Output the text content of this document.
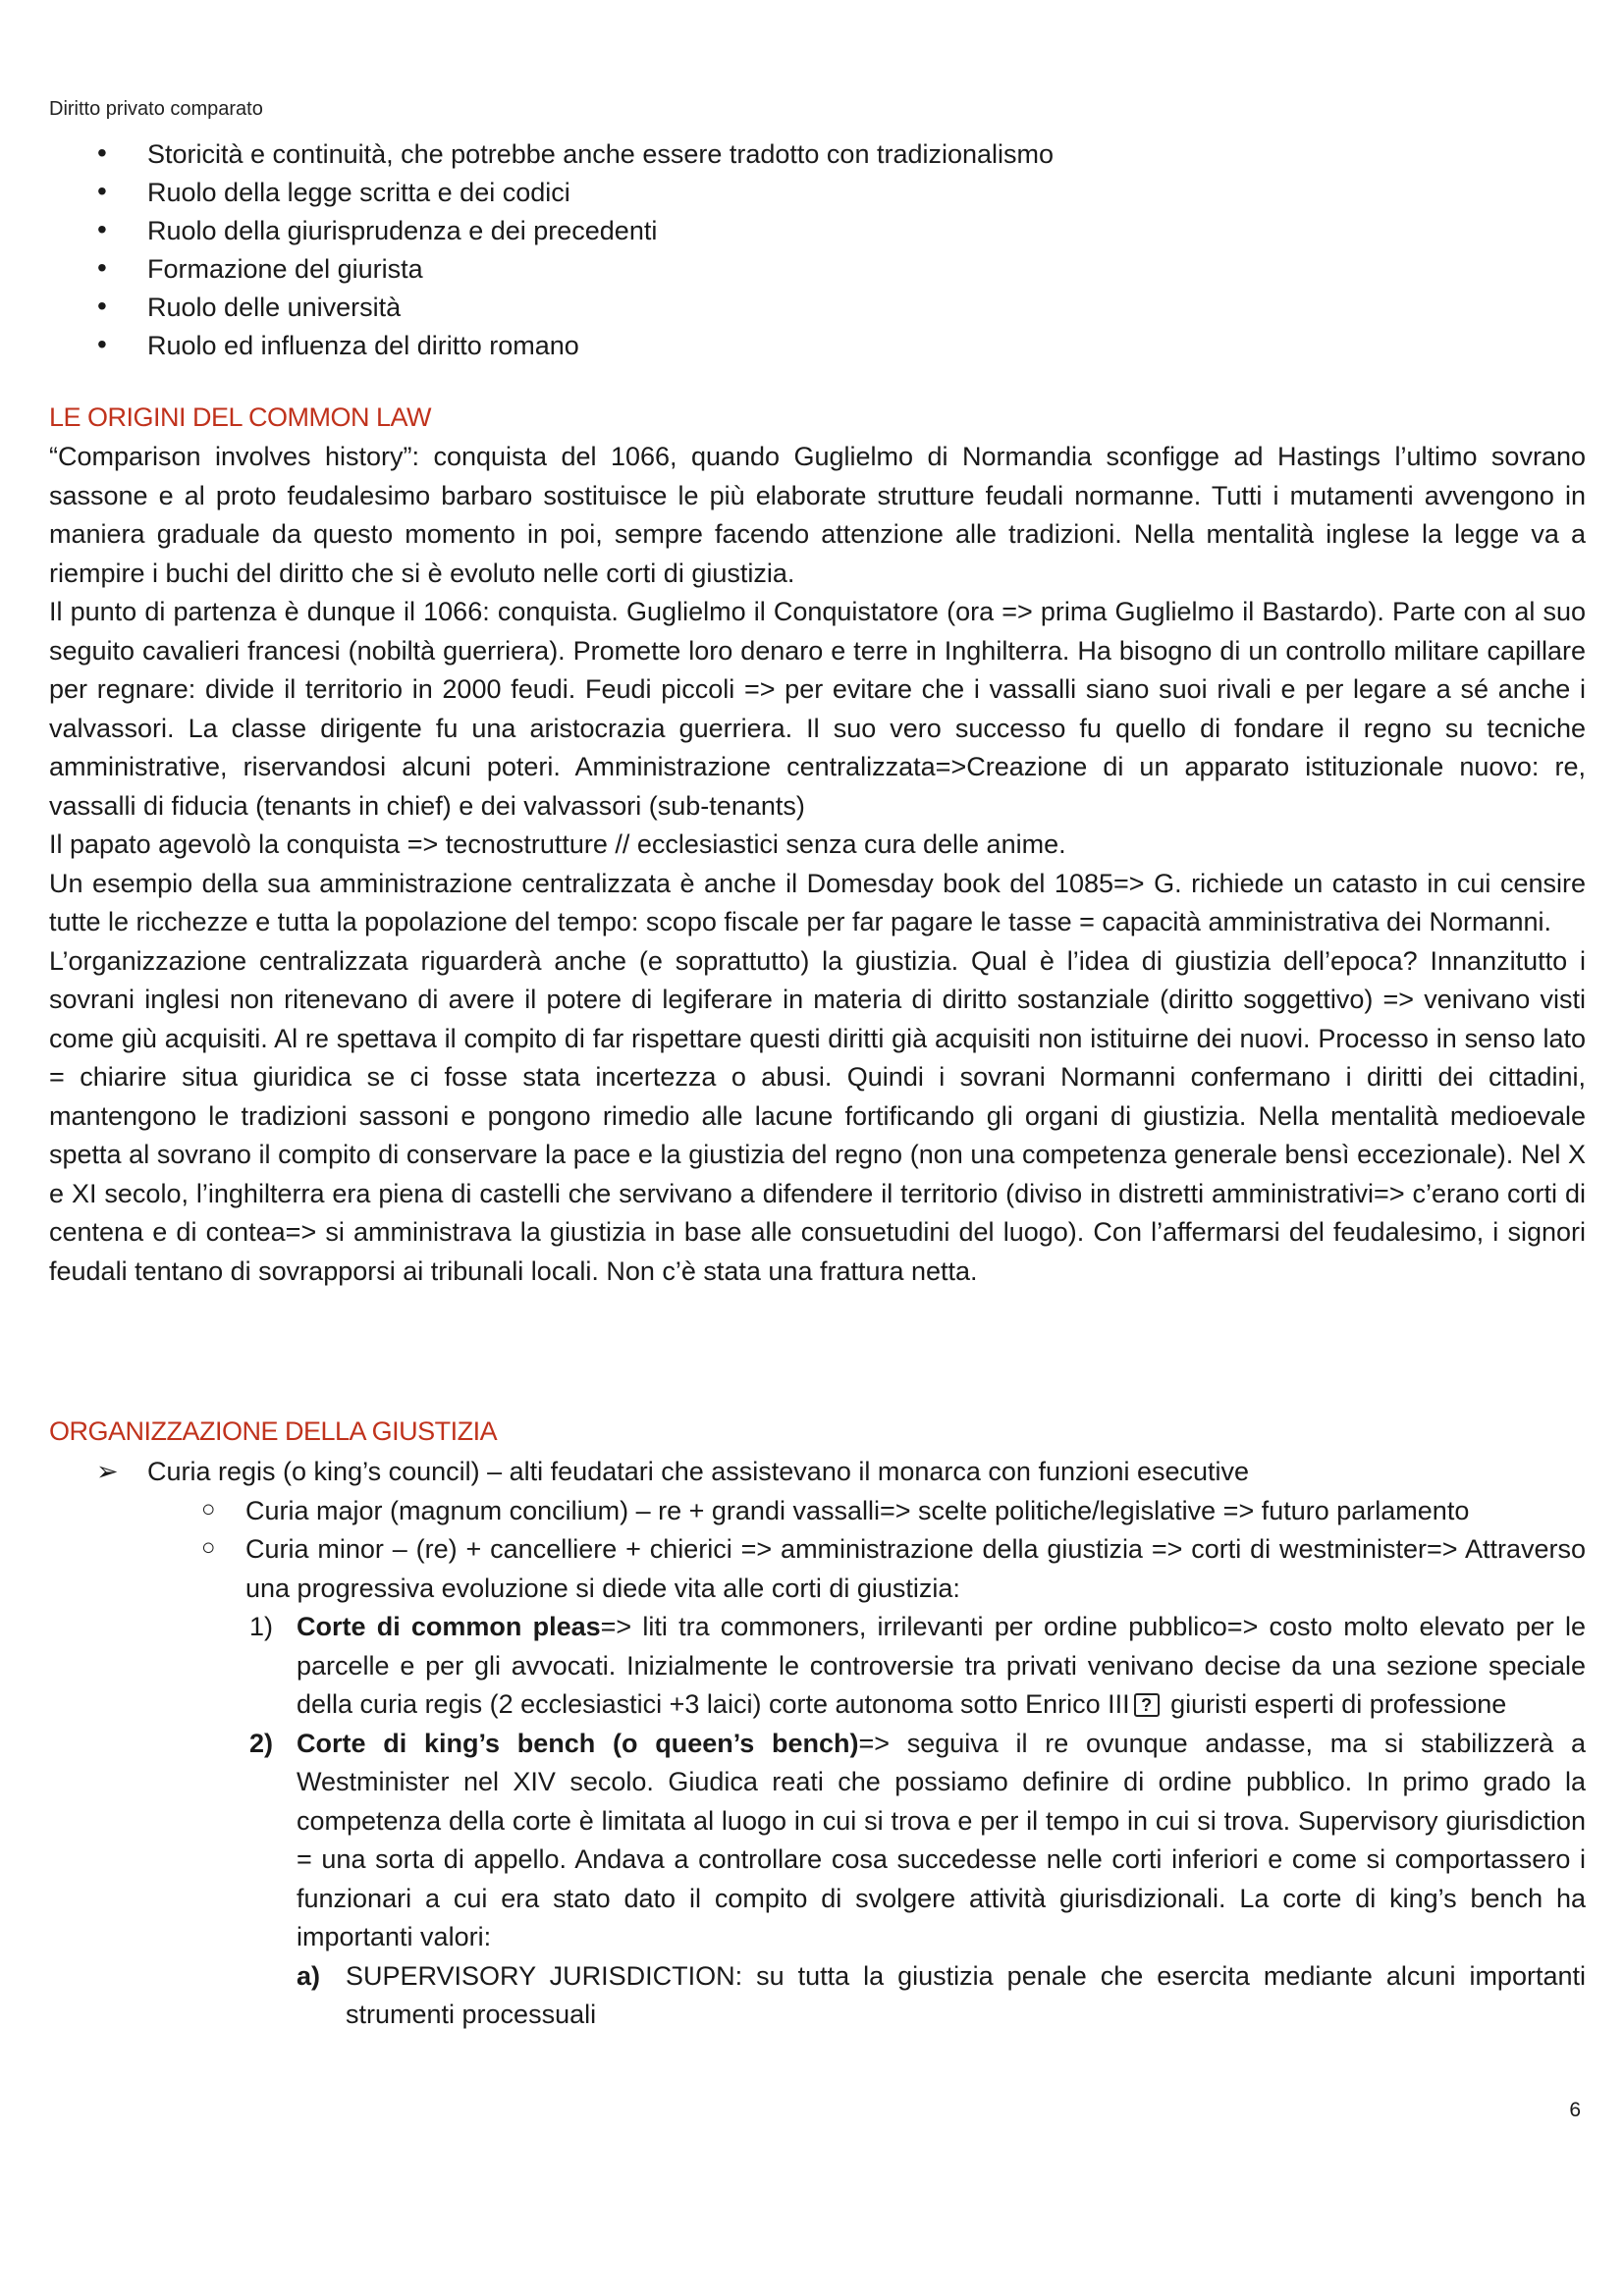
Diritto privato comparato
• Storicità e continuità, che potrebbe anche essere tradotto con tradizionalismo
• Ruolo della legge scritta e dei codici
• Ruolo della giurisprudenza e dei precedenti
• Formazione del giurista
• Ruolo delle università
• Ruolo ed influenza del diritto romano
LE ORIGINI DEL COMMON LAW

“Comparison involves history”: conquista del 1066, quando Guglielmo di Normandia sconfigge ad Hastings l’ultimo sovrano sassone e al proto feudalesimo barbaro sostituisce le più elaborate strutture feudali normanne. Tutti i mutamenti avvengono in maniera graduale da questo momento in poi, sempre facendo attenzione alle tradizioni. Nella mentalità inglese la legge va a riempire i buchi del diritto che si è evoluto nelle corti di giustizia.

Il punto di partenza è dunque il 1066: conquista. Guglielmo il Conquistatore (ora => prima Guglielmo il Bastardo). Parte con al suo seguito cavalieri francesi (nobiltà guerriera). Promette loro denaro e terre in Inghilterra. Ha bisogno di un controllo militare capillare per regnare: divide il territorio in 2000 feudi. Feudi piccoli => per evitare che i vassalli siano suoi rivali e per legare a sé anche i valvassori. La classe dirigente fu una aristocrazia guerriera. Il suo vero successo fu quello di fondare il regno su tecniche amministrative, riservandosi alcuni poteri. Amministrazione centralizzata=>Creazione di un apparato istituzionale nuovo: re, vassalli di fiducia (tenants in chief) e dei valvassori (sub-tenants)

Il papato agevolò la conquista => tecnostrutture // ecclesiastici senza cura delle anime.

Un esempio della sua amministrazione centralizzata è anche il Domesday book del 1085=> G. richiede un catasto in cui censire tutte le ricchezze e tutta la popolazione del tempo: scopo fiscale per far pagare le tasse = capacità amministrativa dei Normanni.

L’organizzazione centralizzata riguarderà anche (e soprattutto) la giustizia. Qual è l’idea di giustizia dell’epoca? Innanzitutto i sovrani inglesi non ritenevano di avere il potere di legiferare in materia di diritto sostanziale (diritto soggettivo) => venivano visti come giù acquisiti. Al re spettava il compito di far rispettare questi diritti già acquisiti non istituirne dei nuovi. Processo in senso lato = chiarire situa giuridica se ci fosse stata incertezza o abusi. Quindi i sovrani Normanni confermano i diritti dei cittadini, mantengono le tradizioni sassoni e pongono rimedio alle lacune fortificando gli organi di giustizia. Nella mentalità medioevale spetta al sovrano il compito di conservare la pace e la giustizia del regno (non una competenza generale bensì eccezionale). Nel X e XI secolo, l’inghilterra era piena di castelli che servivano a difendere il territorio (diviso in distretti amministrativi=> c’erano corti di centena e di contea=> si amministrava la giustizia in base alle consuetudini del luogo). Con l’affermarsi del feudalesimo, i signori feudali tentano di sovrapporsi ai tribunali locali. Non c’è stata una frattura netta.

ORGANIZZAZIONE DELLA GIUSTIZIA
➢ Curia regis (o king’s council) – alti feudatari che assistevano il monarca con funzioni esecutive
○ Curia major (magnum concilium) – re + grandi vassalli=> scelte politiche/legislative => futuro parlamento
○ Curia minor – (re) + cancelliere + chierici => amministrazione della giustizia => corti di westminister=> Attraverso una progressiva evoluzione si diede vita alle corti di giustizia:
1) Corte di common pleas=> liti tra commoners, irrilevanti per ordine pubblico=> costo molto elevato per le parcelle e per gli avvocati. Inizialmente le controversie tra privati venivano decise da una sezione speciale della curia regis (2 ecclesiastici +3 laici) corte autonoma sotto Enrico III ? giuristi esperti di professione
2) Corte di king’s bench (o queen’s bench)=> seguiva il re ovunque andasse, ma si stabilizzerà a Westminister nel XIV secolo. Giudica reati che possiamo definire di ordine pubblico. In primo grado la competenza della corte è limitata al luogo in cui si trova e per il tempo in cui si trova. Supervisory giurisdiction = una sorta di appello. Andava a controllare cosa succedesse nelle corti inferiori e come si comportassero i funzionari a cui era stato dato il compito di svolgere attività giurisdizionali. La corte di king’s bench ha importanti valori:
a) SUPERVISORY JURISDICTION: su tutta la giustizia penale che esercita mediante alcuni importanti strumenti processuali
6
